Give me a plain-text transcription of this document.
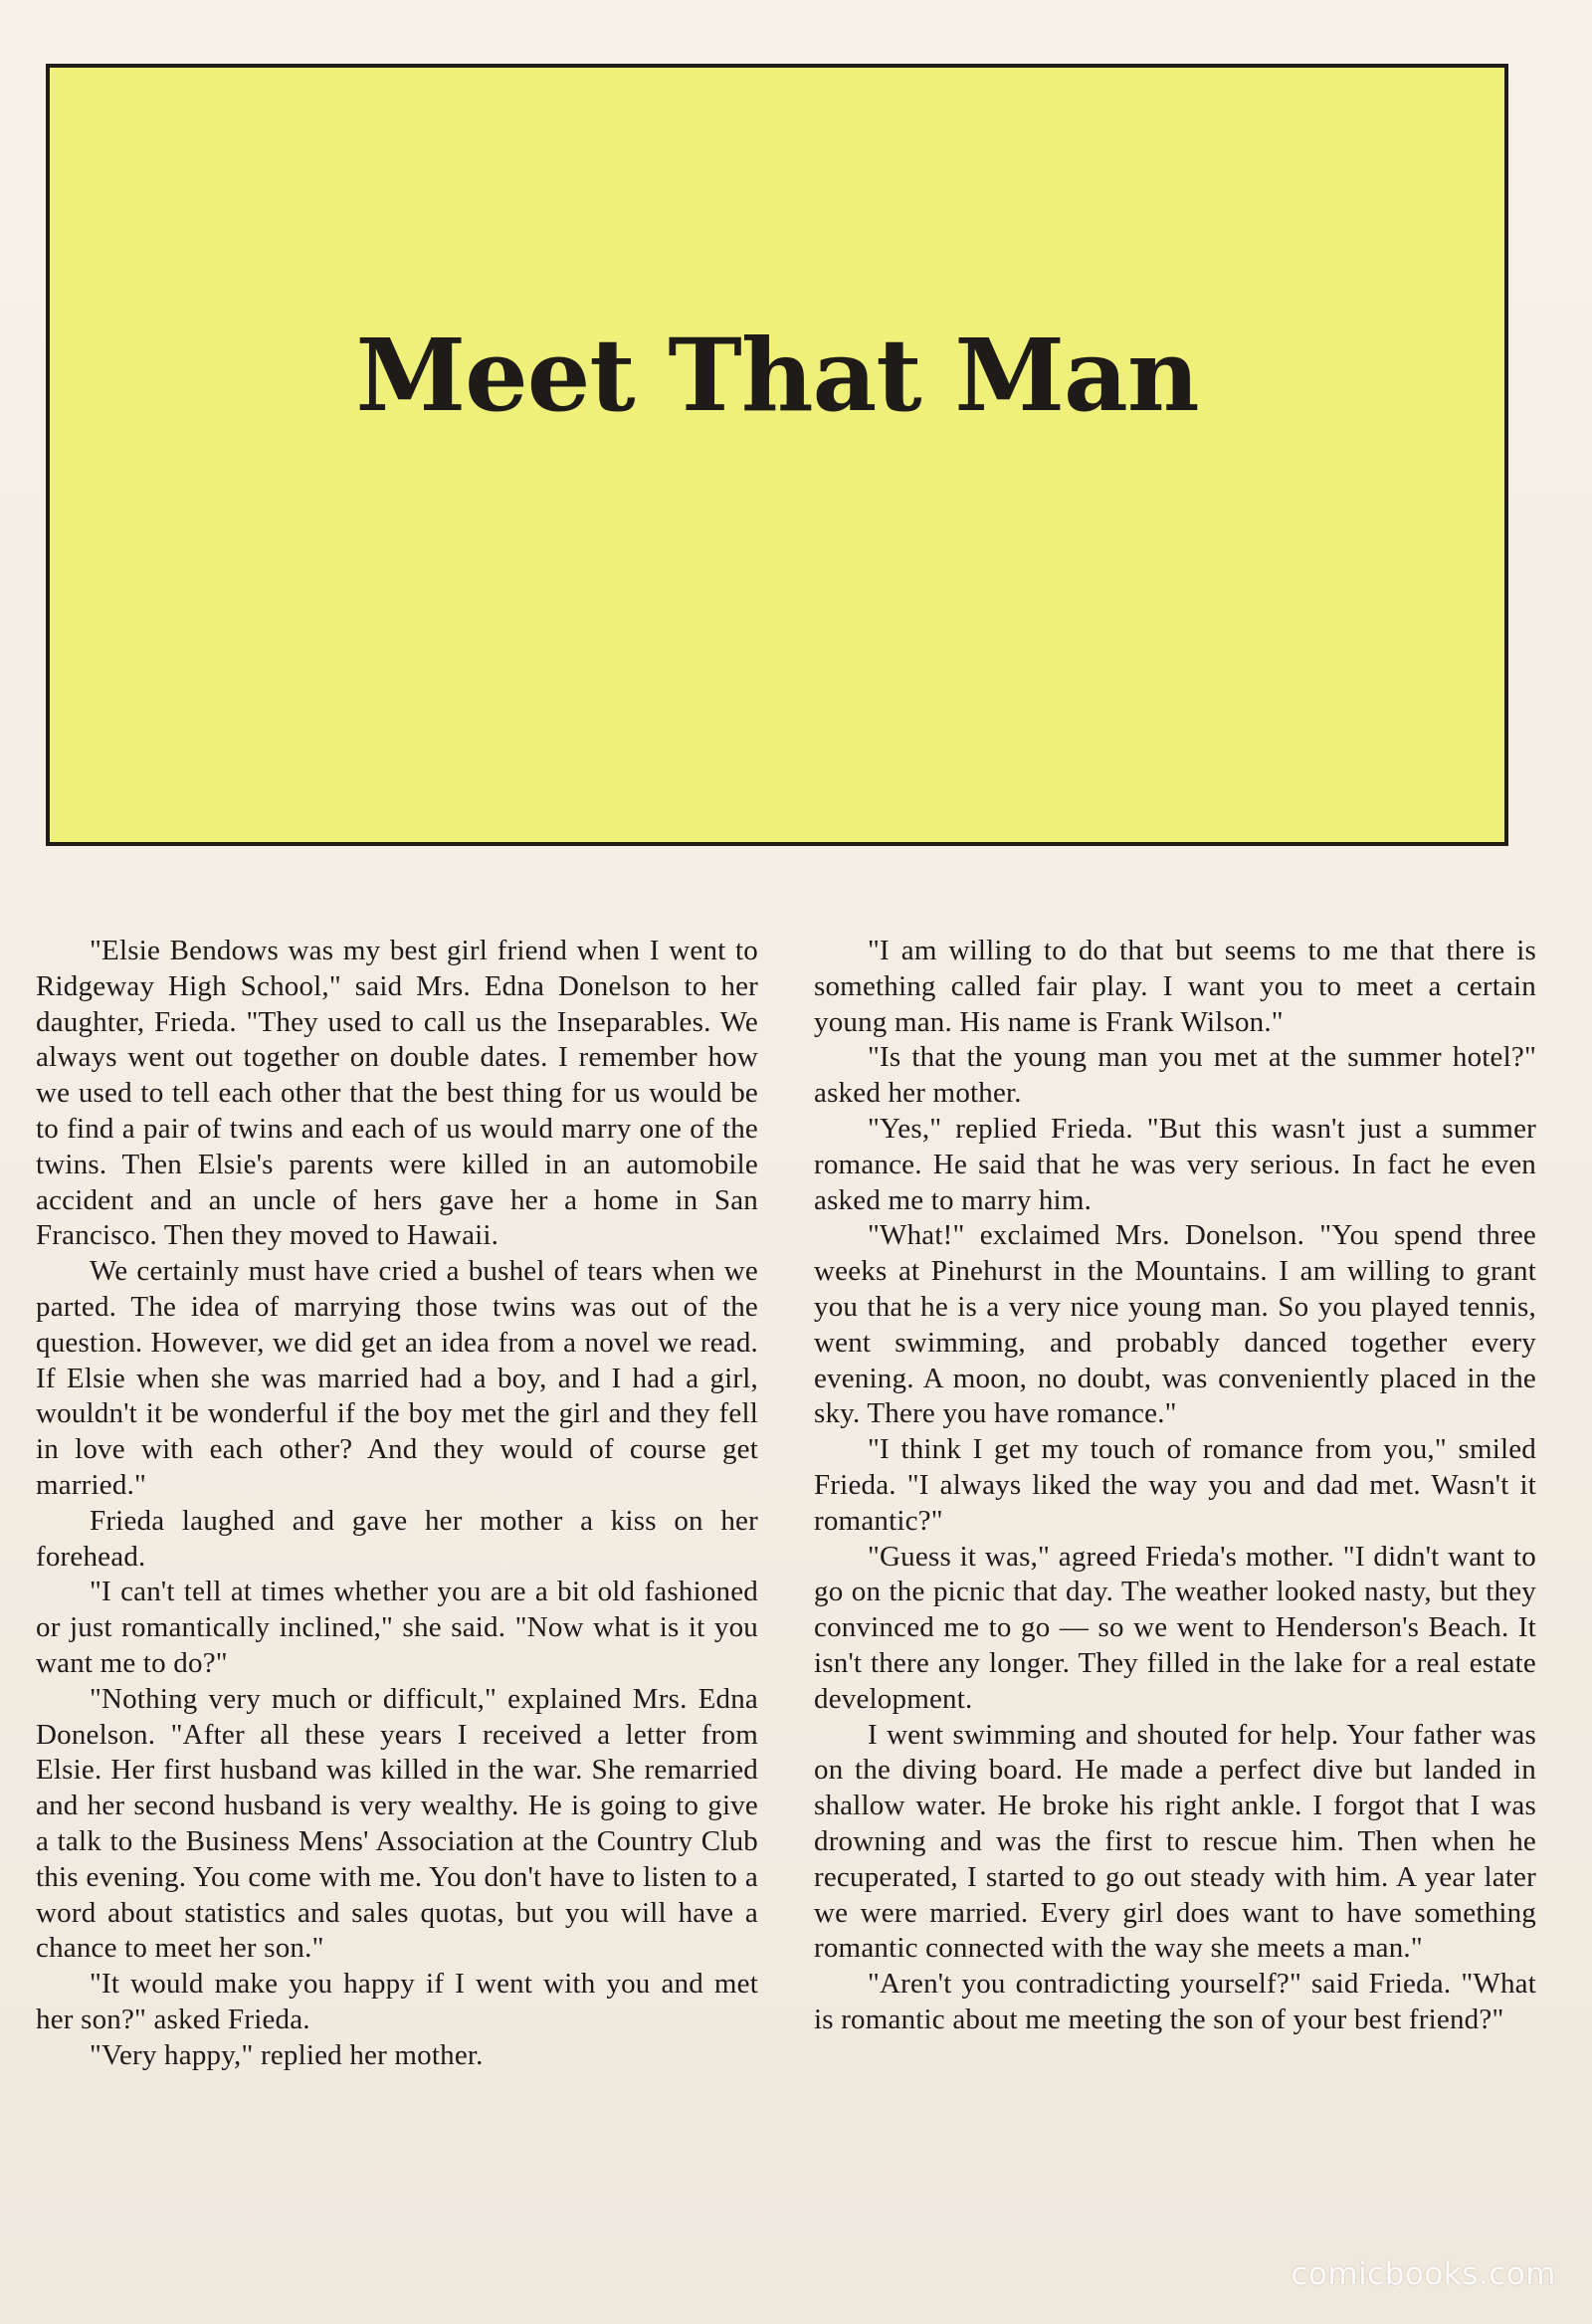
Meet That Man

"Elsie Bendows was my best girl friend when I went to Ridgeway High School," said Mrs. Edna Donelson to her daughter, Frieda. "They used to call us the Inseparables. We always went out together on double dates. I remember how we used to tell each other that the best thing for us would be to find a pair of twins and each of us would marry one of the twins. Then Elsie's parents were killed in an automobile accident and an uncle of hers gave her a home in San Francisco. Then they moved to Hawaii.

We certainly must have cried a bushel of tears when we parted. The idea of marrying those twins was out of the question. However, we did get an idea from a novel we read. If Elsie when she was married had a boy, and I had a girl, wouldn't it be wonderful if the boy met the girl and they fell in love with each other? And they would of course get married."

Frieda laughed and gave her mother a kiss on her forehead.

"I can't tell at times whether you are a bit old fashioned or just romantically inclined," she said. "Now what is it you want me to do?"

"Nothing very much or difficult," explained Mrs. Edna Donelson. "After all these years I received a letter from Elsie. Her first husband was killed in the war. She remarried and her second husband is very wealthy. He is going to give a talk to the Business Mens' Association at the Country Club this evening. You come with me. You don't have to listen to a word about statistics and sales quotas, but you will have a chance to meet her son."

"It would make you happy if I went with you and met her son?" asked Frieda.

"Very happy," replied her mother.

"I am willing to do that but seems to me that there is something called fair play. I want you to meet a certain young man. His name is Frank Wilson."

"Is that the young man you met at the summer hotel?" asked her mother.

"Yes," replied Frieda. "But this wasn't just a summer romance. He said that he was very serious. In fact he even asked me to marry him.

"What!" exclaimed Mrs. Donelson. "You spend three weeks at Pinehurst in the Mountains. I am willing to grant you that he is a very nice young man. So you played tennis, went swimming, and probably danced together every evening. A moon, no doubt, was conveniently placed in the sky. There you have romance."

"I think I get my touch of romance from you," smiled Frieda. "I always liked the way you and dad met. Wasn't it romantic?"

"Guess it was," agreed Frieda's mother. "I didn't want to go on the picnic that day. The weather looked nasty, but they convinced me to go — so we went to Henderson's Beach. It isn't there any longer. They filled in the lake for a real estate development.

I went swimming and shouted for help. Your father was on the diving board. He made a perfect dive but landed in shallow water. He broke his right ankle. I forgot that I was drowning and was the first to rescue him. Then when he recuperated, I started to go out steady with him. A year later we were married. Every girl does want to have something romantic connected with the way she meets a man."

"Aren't you contradicting yourself?" said Frieda. "What is romantic about me meeting the son of your best friend?"

comicbooks.com
